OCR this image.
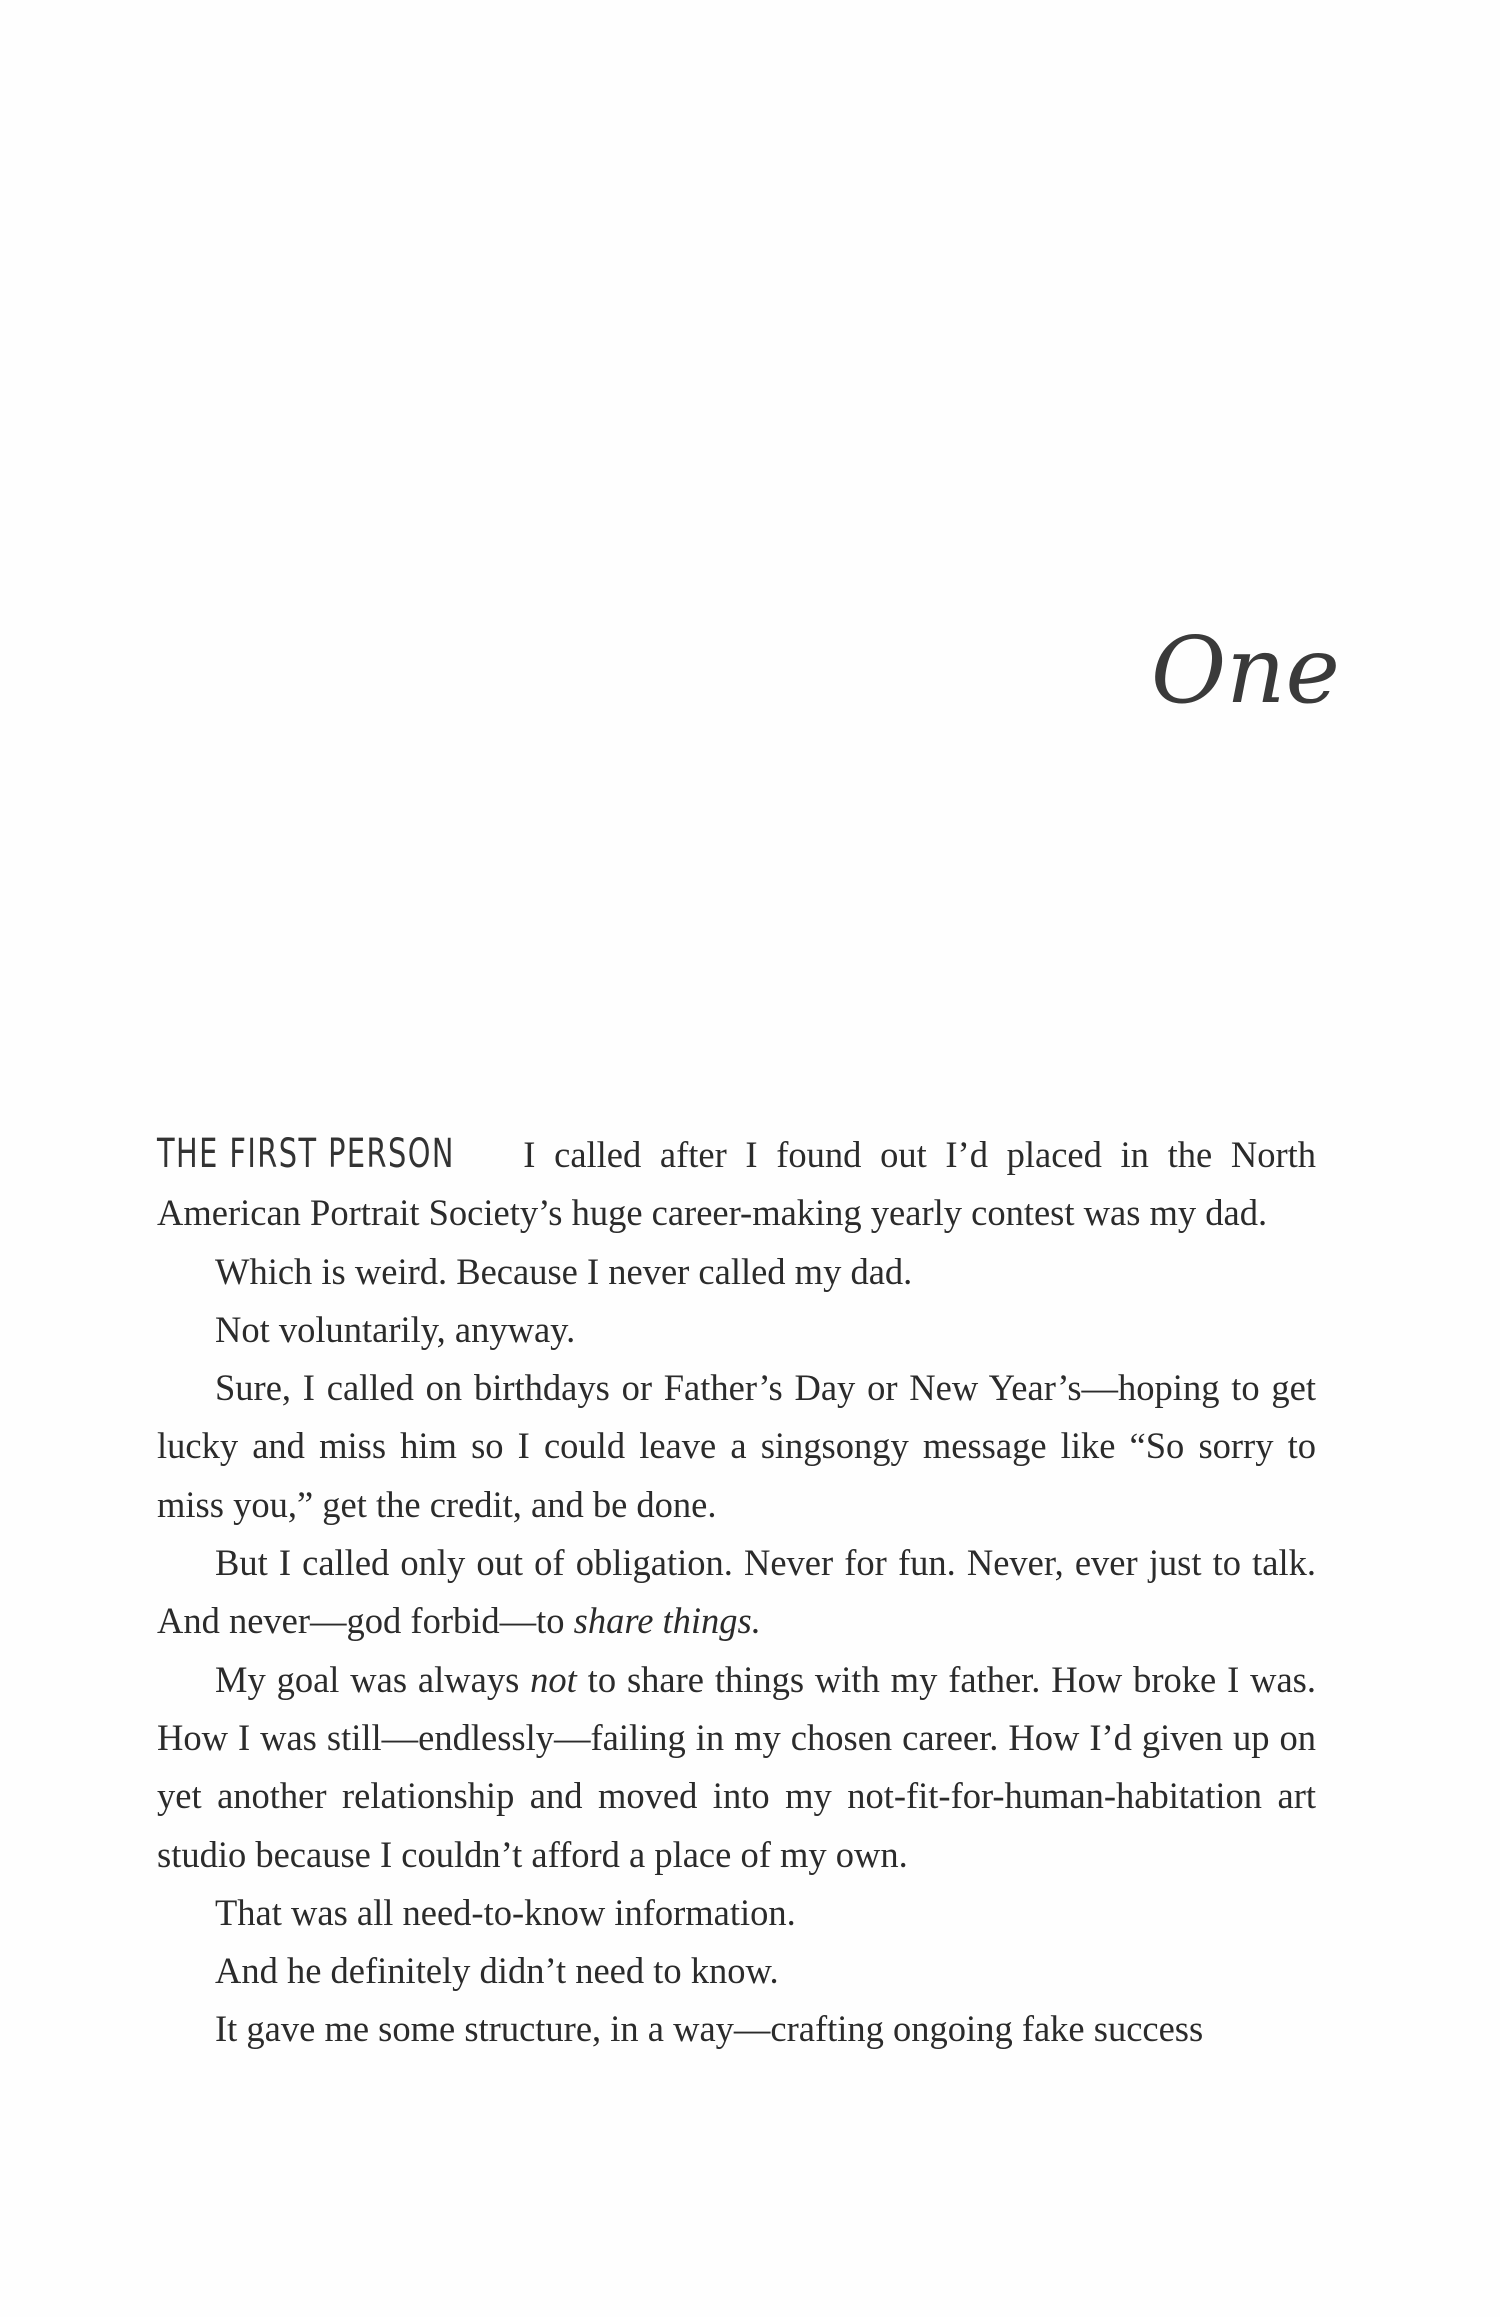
One

THE FIRST PERSON I called after I found out I’d placed in the North American Portrait Society’s huge career-making yearly contest was my dad.

Which is weird. Because I never called my dad.

Not voluntarily, anyway.

Sure, I called on birthdays or Father’s Day or New Year’s—hoping to get lucky and miss him so I could leave a singsongy message like “So sorry to miss you,” get the credit, and be done.

But I called only out of obligation. Never for fun. Never, ever just to talk. And never—god forbid—to share things.

My goal was always not to share things with my father. How broke I was. How I was still—endlessly—failing in my chosen career. How I’d given up on yet another relationship and moved into my not-fit-for-human-habitation art studio because I couldn’t afford a place of my own.

That was all need-to-know information.

And he definitely didn’t need to know.

It gave me some structure, in a way—crafting ongoing fake success
